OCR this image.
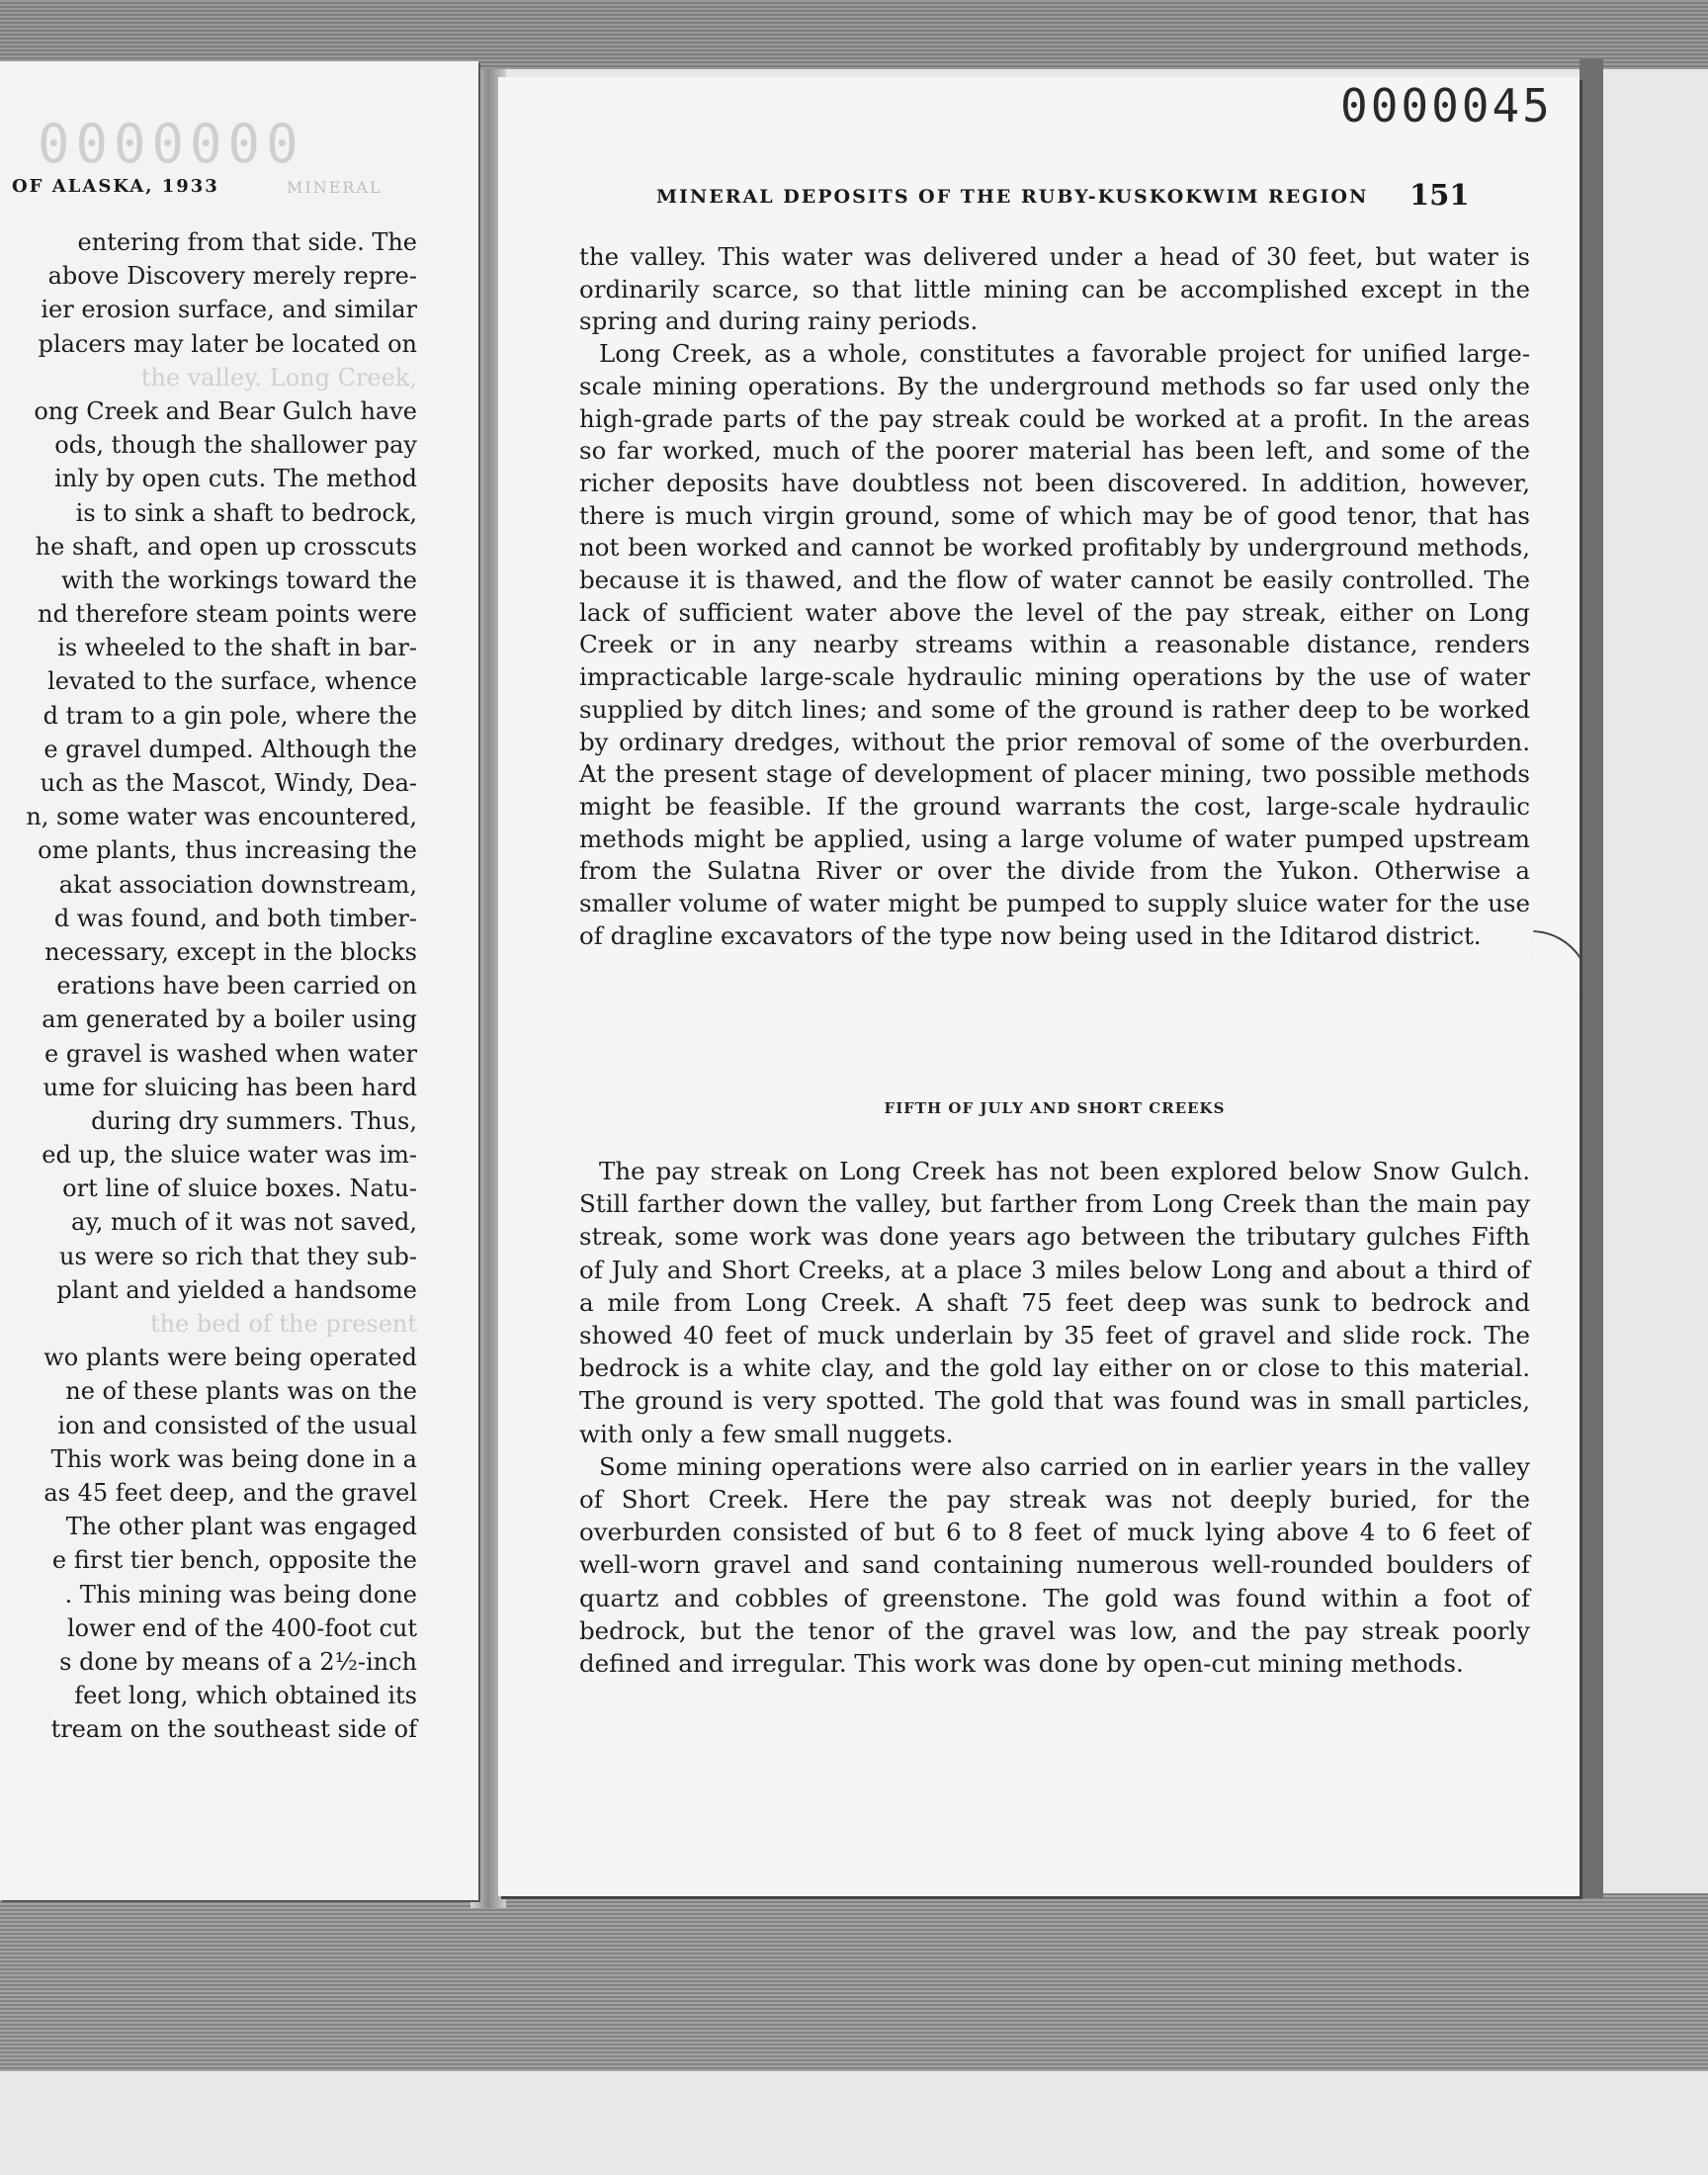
0000000
OF ALASKA, 1933	MINERAL
entering from that side. The
above Discovery merely repre-
ier erosion surface, and similar
placers may later be located on
the valley. Long Creek,
ong Creek and Bear Gulch have
ods, though the shallower pay
inly by open cuts. The method
is to sink a shaft to bedrock,
he shaft, and open up crosscuts
with the workings toward the
nd therefore steam points were
is wheeled to the shaft in bar-
levated to the surface, whence
d tram to a gin pole, where the
e gravel dumped. Although the
uch as the Mascot, Windy, Dea-
n, some water was encountered,
ome plants, thus increasing the
akat association downstream,
d was found, and both timber-
necessary, except in the blocks
erations have been carried on
am generated by a boiler using
e gravel is washed when water
ume for sluicing has been hard
during dry summers. Thus,
ed up, the sluice water was im-
ort line of sluice boxes. Natu-
ay, much of it was not saved,
us were so rich that they sub-
plant and yielded a handsome
the bed of the present
wo plants were being operated
ne of these plants was on the
ion and consisted of the usual
This work was being done in a
as 45 feet deep, and the gravel
The other plant was engaged
e first tier bench, opposite the
. This mining was being done
lower end of the 400-foot cut
s done by means of a 2½-inch
feet long, which obtained its
tream on the southeast side of
0000045
MINERAL DEPOSITS OF THE RUBY-KUSKOKWIM REGION	151

the valley. This water was delivered under a head of 30 feet, but water is ordinarily scarce, so that little mining can be accomplished except in the spring and during rainy periods.

Long Creek, as a whole, constitutes a favorable project for unified large-scale mining operations. By the underground methods so far used only the high-grade parts of the pay streak could be worked at a profit. In the areas so far worked, much of the poorer material has been left, and some of the richer deposits have doubtless not been discovered. In addition, however, there is much virgin ground, some of which may be of good tenor, that has not been worked and cannot be worked profitably by underground methods, because it is thawed, and the flow of water cannot be easily controlled. The lack of sufficient water above the level of the pay streak, either on Long Creek or in any nearby streams within a reasonable distance, renders impracticable large-scale hydraulic mining operations by the use of water supplied by ditch lines; and some of the ground is rather deep to be worked by ordinary dredges, without the prior removal of some of the overburden. At the present stage of development of placer mining, two possible methods might be feasible. If the ground warrants the cost, large-scale hydraulic methods might be applied, using a large volume of water pumped upstream from the Sulatna River or over the divide from the Yukon. Otherwise a smaller volume of water might be pumped to supply sluice water for the use of dragline excavators of the type now being used in the Iditarod district.

FIFTH OF JULY AND SHORT CREEKS

The pay streak on Long Creek has not been explored below Snow Gulch. Still farther down the valley, but farther from Long Creek than the main pay streak, some work was done years ago between the tributary gulches Fifth of July and Short Creeks, at a place 3 miles below Long and about a third of a mile from Long Creek. A shaft 75 feet deep was sunk to bedrock and showed 40 feet of muck underlain by 35 feet of gravel and slide rock. The bedrock is a white clay, and the gold lay either on or close to this material. The ground is very spotted. The gold that was found was in small particles, with only a few small nuggets.

Some mining operations were also carried on in earlier years in the valley of Short Creek. Here the pay streak was not deeply buried, for the overburden consisted of but 6 to 8 feet of muck lying above 4 to 6 feet of well-worn gravel and sand containing numerous well-rounded boulders of quartz and cobbles of greenstone. The gold was found within a foot of bedrock, but the tenor of the gravel was low, and the pay streak poorly defined and irregular. This work was done by open-cut mining methods.
